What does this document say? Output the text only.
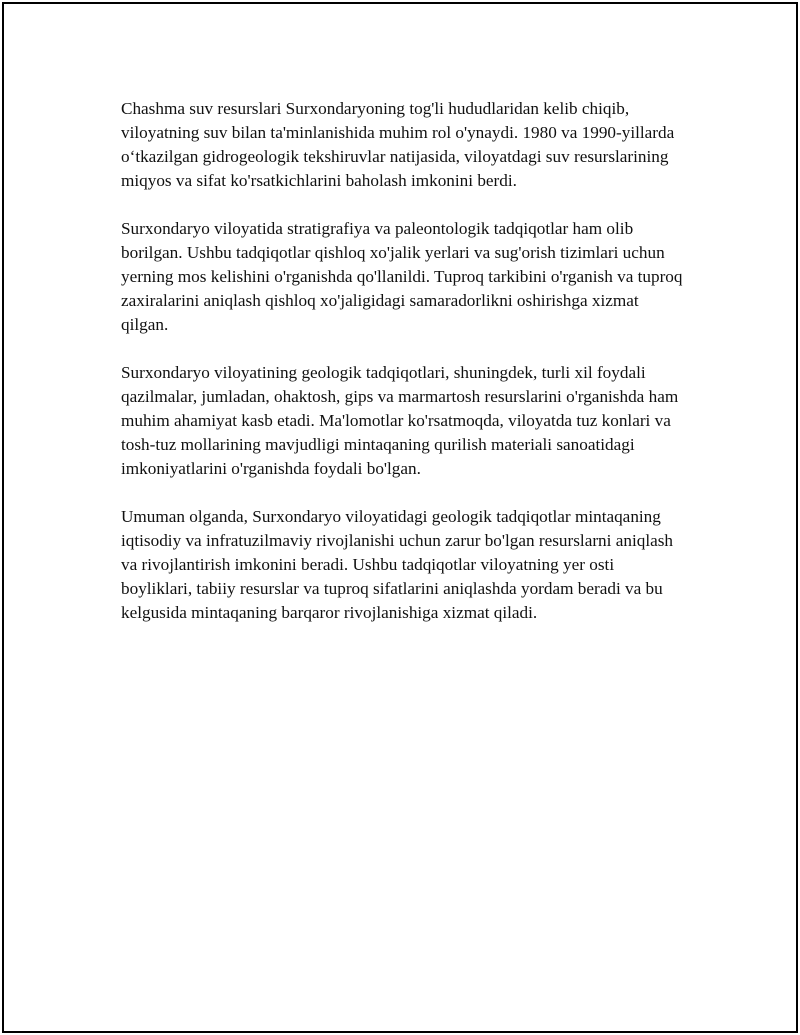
Chashma suv resurslari Surxondaryoning tog'li hududlaridan kelib chiqib, viloyatning suv bilan ta'minlanishida muhim rol o'ynaydi. 1980 va 1990-yillarda o‘tkazilgan gidrogeologik tekshiruvlar natijasida, viloyatdagi suv resurslarining miqyos va sifat ko'rsatkichlarini baholash imkonini berdi.

Surxondaryo viloyatida stratigrafiya va paleontologik tadqiqotlar ham olib borilgan. Ushbu tadqiqotlar qishloq xo'jalik yerlari va sug'orish tizimlari uchun yerning mos kelishini o'rganishda qo'llanildi. Tuproq tarkibini o'rganish va tuproq zaxiralarini aniqlash qishloq xo'jaligidagi samaradorlikni oshirishga xizmat qilgan.

Surxondaryo viloyatining geologik tadqiqotlari, shuningdek, turli xil foydali qazilmalar, jumladan, ohaktosh, gips va marmartosh resurslarini o'rganishda ham muhim ahamiyat kasb etadi. Ma'lomotlar ko'rsatmoqda, viloyatda tuz konlari va tosh-tuz mollarining mavjudligi mintaqaning qurilish materiali sanoatidagi imkoniyatlarini o'rganishda foydali bo'lgan.

Umuman olganda, Surxondaryo viloyatidagi geologik tadqiqotlar mintaqaning iqtisodiy va infratuzilmaviy rivojlanishi uchun zarur bo'lgan resurslarni aniqlash va rivojlantirish imkonini beradi. Ushbu tadqiqotlar viloyatning yer osti boyliklari, tabiiy resurslar va tuproq sifatlarini aniqlashda yordam beradi va bu kelgusida mintaqaning barqaror rivojlanishiga xizmat qiladi.
